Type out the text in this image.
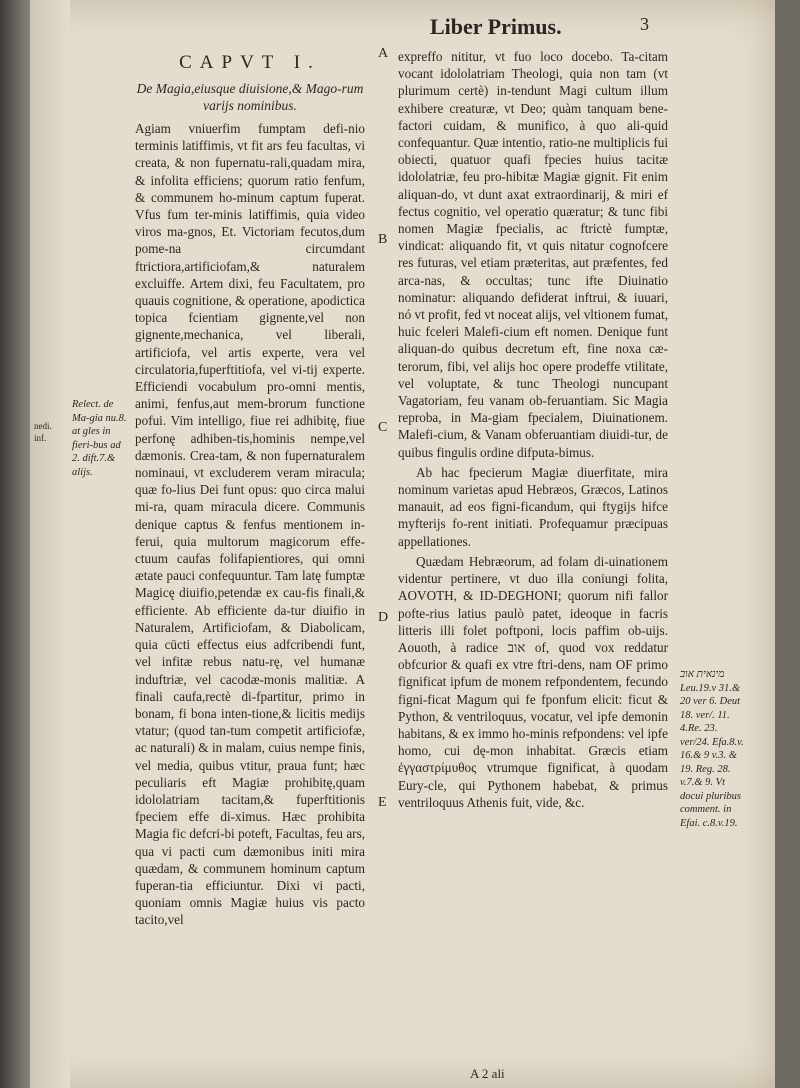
nedi. inf.
Liber Primus.	3
CAPVT I.
De Magia,eiusque diuisione,& Mago-rum varijs nominibus.

Agiam vniuerfim fumptam defi-nio terminis latiffimis, vt fit ars feu facultas, vi creata, & non fupernatu-rali,quadam mira, & infolita efficiens; quorum ratio fenfum, & communem ho-minum captum fuperat. Vfus fum ter-minis latiffimis, quia video viros ma-gnos, Et. Victoriam fecutos,dum pome-na circumdant ftrictiora,artificiofam,& naturalem excluiffe. Artem dixi, feu Facultatem, pro quauis cognitione, & operatione, apodictica topica fcientiam gignente,vel non gignente,mechanica, vel liberali, artificiofa, vel artis experte, vera vel circulatoria,fuperftitiofa, vel vi-tij experte. Efficiendi vocabulum pro-omni mentis, animi, fenfus,aut mem-brorum functione pofui. Vim intelligo, fiue rei adhibitę, fiue perfonę adhiben-tis,hominis nempe,vel dæmonis. Crea-tam, & non fupernaturalem nominaui, vt excluderem veram miracula; quæ fo-lius Dei funt opus: quo circa malui mi-ra, quam miracula dicere. Communis denique captus & fenfus mentionem in-ferui, quia multorum magicorum effe-ctuum caufas folifapientiores, qui omni ætate pauci confequuntur. Tam latę fumptæ Magicę diuifio,petendæ ex cau-fis finali,& efficiente. Ab efficiente da-tur diuifio in Naturalem, Artificiofam, & Diabolicam, quia cūcti effectus eius adfcribendi funt, vel infitæ rebus natu-rę, vel humanæ induftriæ, vel cacodæ-monis malitiæ. A finali caufa,rectè di-fpartitur, primo in bonam, fi bona inten-tione,& licitis medijs vtatur; (quod tan-tum competit artificiofæ, ac naturali) & in malam, cuius nempe finis, vel media, quibus vtitur, praua funt; hæc peculiaris eft Magiæ prohibitę,quam idololatriam tacitam,& fuperftitionis fpeciem effe di-ximus. Hæc prohibita Magia fic defcri-bi poteft, Facultas, feu ars, qua vi pacti cum dæmonibus initi mira quædam, & communem hominum captum fuperan-tia efficiuntur. Dixi vi pacti, quoniam omnis Magiæ huius vis pacto tacito,vel

expreffo nititur, vt fuo loco docebo. Ta-citam vocant idololatriam Theologi, quia non tam (vt plurimum certè) in-tendunt Magi cultum illum exhibere creaturæ, vt Deo; quàm tanquam bene-factori cuidam, & munifico, à quo ali-quid confequantur. Quæ intentio, ratio-ne multiplicis fui obiecti, quatuor quafi fpecies huius tacitæ idololatriæ, feu pro-hibitæ Magiæ gignit. Fit enim aliquan-do, vt dunt axat extraordinarij, & miri ef fectus cognitio, vel operatio quæratur; & tunc fibi nomen Magiæ fpecialis, ac ftrictè fumptæ, vindicat: aliquando fit, vt quis nitatur cognofcere res futuras, vel etiam præteritas, aut præfentes, fed arca-nas, & occultas; tunc ifte Diuinatio nominatur: aliquando defiderat inftrui, & iuuari, nó vt profit, fed vt noceat alijs, vel vltionem fumat, huic fceleri Malefi-cium eft nomen. Denique funt aliquan-do quibus decretum eft, fine noxa cæ-terorum, fibi, vel alijs hoc opere prodeffe vtilitate, vel voluptate, & tunc Theologi nuncupant Vagatoriam, feu vanam ob-feruantiam. Sic Magia reproba, in Ma-giam fpecialem, Diuinationem. Malefi-cium, & Vanam obferuantiam diuidi-tur, de quibus fingulis ordine difputa-bimus.

Ab hac fpecierum Magiæ diuerfitate, mira nominum varietas apud Hebræos, Græcos, Latinos manauit, ad eos figni-ficandum, qui ftygijs hifce myfterijs fo-rent initiati. Profequamur præcipuas appellationes.

Quædam Hebræorum, ad folam di-uinationem videntur pertinere, vt duo illa coniungi folita, AOVOTH, & ID-DEGHONI; quorum nifi fallor pofte-rius latius paulò patet, ideoque in facris litteris illi folet poftponi, locis paffim ob-uijs. Aouoth, à radice אוב of, quod vox reddatur obfcurior & quafi ex vtre ftri-dens, nam OF primo fignificat ipfum de monem refpondentem, fecundo figni-ficat Magum qui fe fponfum elicit: ficut & Python, & ventriloquus, vocatur, vel ipfe demonin habitans, & ex immo ho-minis refpondens: vel ipfe homo, cui dę-mon inhabitat. Græcis etiam ἐγγαστρίμυθος vtrumque fignificat, à quodam Eury-cle, qui Pythonem habebat, & primus ventriloquus Athenis fuit, vide, &c.

A
B
C
D
E
Relect. de Ma-gia nu.8. at gles in fieri-bus ad 2. dift.7.& alijs.
מינאית אוב Leu.19.v 31.& 20 ver 6. Deut 18. ver/. 11. 4.Re. 23. ver/24. Efa.8.v. 16.& 9 v.3. & 19. Reg. 28. v.7.& 9. Vt docui pluribus comment. in Efai. c.8.v.19.
A 2 ali
